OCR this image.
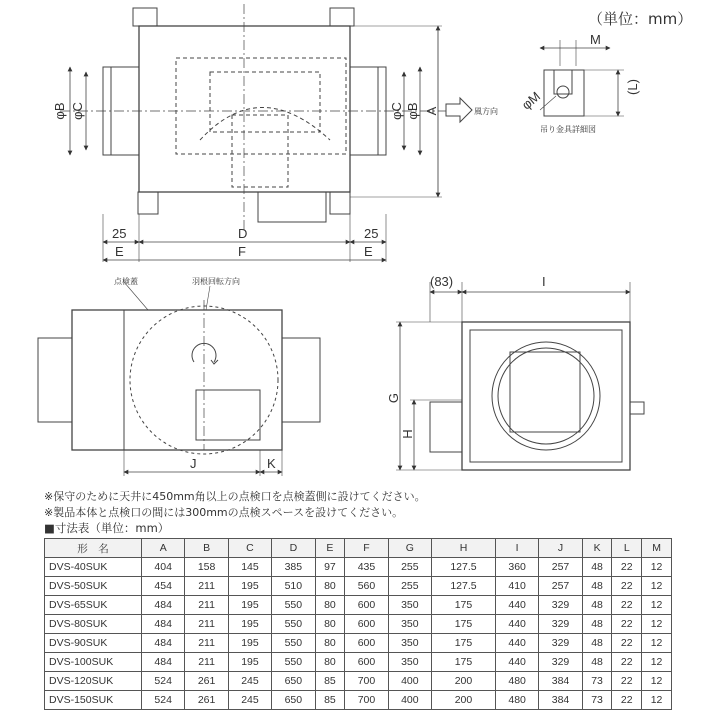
（単位：mm）
φB φC	φC φB A	風方向
25	D	25
E	F	E
M
φM
(L)
吊り金具詳細図
点検蓋	羽根回転方向
J	K
(83)	I
G
H
※保守のために天井に450mm角以上の点検口を点検蓋側に設けてください。
※製品本体と点検口の間には300mmの点検スペースを設けてください。
■寸法表（単位：mm）
形　名	A	B	C	D	E	F	G	H	I	J	K	L	M
DVS-40SUK	404	158	145	385	97	435	255	127.5	360	257	48	22	12
DVS-50SUK	454	211	195	510	80	560	255	127.5	410	257	48	22	12
DVS-65SUK	484	211	195	550	80	600	350	175	440	329	48	22	12
DVS-80SUK	484	211	195	550	80	600	350	175	440	329	48	22	12
DVS-90SUK	484	211	195	550	80	600	350	175	440	329	48	22	12
DVS-100SUK	484	211	195	550	80	600	350	175	440	329	48	22	12
DVS-120SUK	524	261	245	650	85	700	400	200	480	384	73	22	12
DVS-150SUK	524	261	245	650	85	700	400	200	480	384	73	22	12
